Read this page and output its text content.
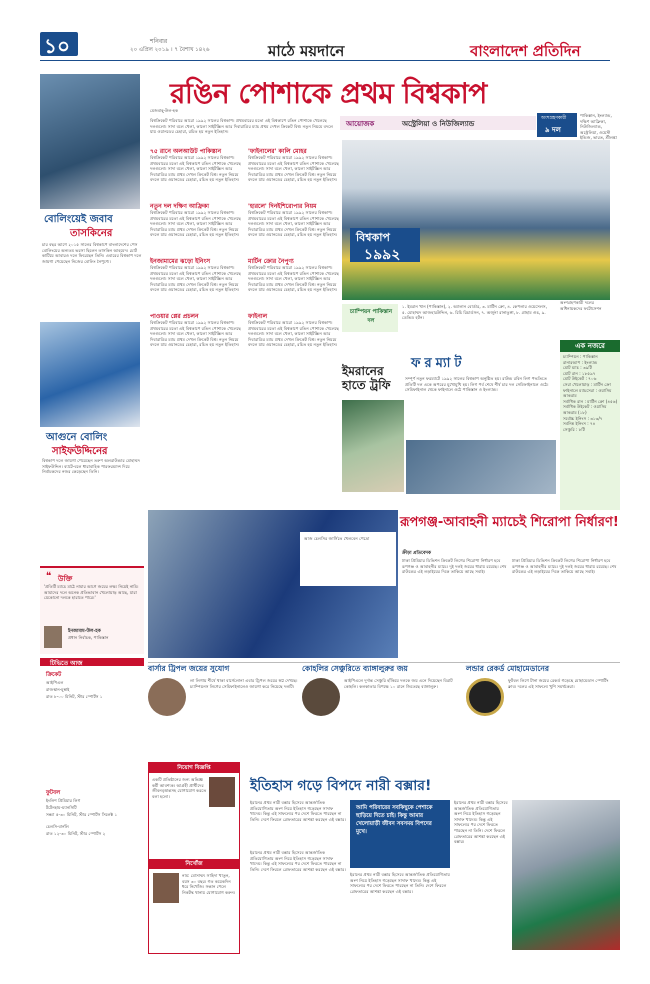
১০	শনিবার
২০ এপ্রিল ২০১৯ । ৭ বৈশাখ ১৪২৬	মাঠে ময়দানে	বাংলাদেশ প্রতিদিন
বোলিংয়েই জবাব
তাসকিনের
চার বছর আগে ২০১৫ সালের বিশ্বকাপে বাংলাদেশের পেস বোলিংয়ের অন্যতম ভরসা ছিলেন তাসকিন আহমেদ। চোট কাটিয়ে আবারও দলে ফিরেছেন তিনি। এবারের বিশ্বকাপ দলে জায়গা পেয়েছেন নিজের বোলিং নৈপুণ্যে।
আগুনে বোলিং
সাইফউদ্দিনের
বিশ্বকাপ দলে জায়গা পেয়েছেন তরুণ অলরাউন্ডার মোহাম্মদ সাইফউদ্দিন। ব্যাটে-বলে ধারাবাহিক পারফরম্যান্স দিয়ে নির্বাচকদের নজর কেড়েছেন তিনি।
❝ উক্তি
'প্রতিটি ম্যাচে মাঠে নামার আগে জয়ের লক্ষ্য নিয়েই নামি। আমাদের দলে অনেক প্রতিভাবান খেলোয়াড় আছে, যারা যেকোনো দলকে হারাতে পারে।'
ইনজামাম-উল-হক
প্রধান নির্বাচক, পাকিস্তান
টিভিতে আজ
ক্রিকেট
আইপিএল
রাজস্থান-মুম্বাই
রাত ৮-০০ মিনিট, স্টার স্পোর্টস ১
ফুটবল
ইংলিশ প্রিমিয়ার লিগ
টটেনহাম-ম্যানসিটি
সন্ধ্যা ৫-৩০ মিনিট, স্টার স্পোর্টস সিলেক্ট ১
চেলসি-বার্নলি
রাত ১২-৩০ মিনিট, স্টার স্পোর্টস ২
রঙিন পোশাকে প্রথম বিশ্বকাপ
মেজবাহ্-উল-হক
আয়োজক	অস্ট্রেলিয়া ও নিউজিল্যান্ড
অংশগ্রহণকারী
৯ দল
পাকিস্তান, ইংল্যান্ড, দক্ষিণ আফ্রিকা, নিউজিল্যান্ড, অস্ট্রেলিয়া, ওয়েস্ট ইন্ডিজ, ভারত, শ্রীলঙ্কা
বিশ্বক্রিকেট পরিবারে আরো ১৯৯২ সালের বিশ্বকাপ। প্রথমবারের মতো এই বিশ্বকাপে রঙিন পোশাকে খেলেছে দলগুলো। সাদা বলে খেলা, কালো সাইটস্ক্রিন আর দিবারাত্রির ম্যাচ প্রথম দেখল ক্রিকেট বিশ্ব। নতুন নিয়মে বদলে যায় ওয়ানডের চেহারা, রচিত হয় নতুন ইতিহাস।
৭৫ রানে অলআউট পাকিস্তান
বিশ্বক্রিকেট পরিবারে আরো ১৯৯২ সালের বিশ্বকাপ। প্রথমবারের মতো এই বিশ্বকাপে রঙিন পোশাকে খেলেছে দলগুলো। সাদা বলে খেলা, কালো সাইটস্ক্রিন আর দিবারাত্রির ম্যাচ প্রথম দেখল ক্রিকেট বিশ্ব। নতুন নিয়মে বদলে যায় ওয়ানডের চেহারা, রচিত হয় নতুন ইতিহাস।
নতুন দল দক্ষিণ আফ্রিকা
বিশ্বক্রিকেট পরিবারে আরো ১৯৯২ সালের বিশ্বকাপ। প্রথমবারের মতো এই বিশ্বকাপে রঙিন পোশাকে খেলেছে দলগুলো। সাদা বলে খেলা, কালো সাইটস্ক্রিন আর দিবারাত্রির ম্যাচ প্রথম দেখল ক্রিকেট বিশ্ব। নতুন নিয়মে বদলে যায় ওয়ানডের চেহারা, রচিত হয় নতুন ইতিহাস।
ইনজামামের ঝড়ো ইনিংস
বিশ্বক্রিকেট পরিবারে আরো ১৯৯২ সালের বিশ্বকাপ। প্রথমবারের মতো এই বিশ্বকাপে রঙিন পোশাকে খেলেছে দলগুলো। সাদা বলে খেলা, কালো সাইটস্ক্রিন আর দিবারাত্রির ম্যাচ প্রথম দেখল ক্রিকেট বিশ্ব। নতুন নিয়মে বদলে যায় ওয়ানডের চেহারা, রচিত হয় নতুন ইতিহাস।
পাওয়ার প্লের প্রচলন
বিশ্বক্রিকেট পরিবারে আরো ১৯৯২ সালের বিশ্বকাপ। প্রথমবারের মতো এই বিশ্বকাপে রঙিন পোশাকে খেলেছে দলগুলো। সাদা বলে খেলা, কালো সাইটস্ক্রিন আর দিবারাত্রির ম্যাচ প্রথম দেখল ক্রিকেট বিশ্ব। নতুন নিয়মে বদলে যায় ওয়ানডের চেহারা, রচিত হয় নতুন ইতিহাস।
'ফাইনালের' কালি মোহর
বিশ্বক্রিকেট পরিবারে আরো ১৯৯২ সালের বিশ্বকাপ। প্রথমবারের মতো এই বিশ্বকাপে রঙিন পোশাকে খেলেছে দলগুলো। সাদা বলে খেলা, কালো সাইটস্ক্রিন আর দিবারাত্রির ম্যাচ প্রথম দেখল ক্রিকেট বিশ্ব। নতুন নিয়মে বদলে যায় ওয়ানডের চেহারা, রচিত হয় নতুন ইতিহাস।
'হারলে' দিনইশিরোপার নিয়ম
বিশ্বক্রিকেট পরিবারে আরো ১৯৯২ সালের বিশ্বকাপ। প্রথমবারের মতো এই বিশ্বকাপে রঙিন পোশাকে খেলেছে দলগুলো। সাদা বলে খেলা, কালো সাইটস্ক্রিন আর দিবারাত্রির ম্যাচ প্রথম দেখল ক্রিকেট বিশ্ব। নতুন নিয়মে বদলে যায় ওয়ানডের চেহারা, রচিত হয় নতুন ইতিহাস।
মার্টিন ক্রোর নৈপুণ্য
বিশ্বক্রিকেট পরিবারে আরো ১৯৯২ সালের বিশ্বকাপ। প্রথমবারের মতো এই বিশ্বকাপে রঙিন পোশাকে খেলেছে দলগুলো। সাদা বলে খেলা, কালো সাইটস্ক্রিন আর দিবারাত্রির ম্যাচ প্রথম দেখল ক্রিকেট বিশ্ব। নতুন নিয়মে বদলে যায় ওয়ানডের চেহারা, রচিত হয় নতুন ইতিহাস।
ফাইনাল
বিশ্বক্রিকেট পরিবারে আরো ১৯৯২ সালের বিশ্বকাপ। প্রথমবারের মতো এই বিশ্বকাপে রঙিন পোশাকে খেলেছে দলগুলো। সাদা বলে খেলা, কালো সাইটস্ক্রিন আর দিবারাত্রির ম্যাচ প্রথম দেখল ক্রিকেট বিশ্ব। নতুন নিয়মে বদলে যায় ওয়ানডের চেহারা, রচিত হয় নতুন ইতিহাস।
বিশ্বকাপ
১৯৯২
অংশগ্রহণকারী দলের অধিনায়কদের ফটোসেশন
চ্যাম্পিয়ন পাকিস্তান দল
১. ইমরান খান (পাকিস্তান), ২. অ্যালান বোর্ডার, ৩. মার্টিন ক্রো, ৪. কেপলার ওয়েসেলস, ৫. মোহাম্মদ আজহারউদ্দিন, ৬. রিচি রিচার্ডসন, ৭. অর্জুনা রানাতুঙ্গা, ৮. গ্রাহাম গুচ, ৯. ডেভিড হটন।
ফরম্যাট
সম্পূর্ণ নতুন ফরম্যাটে ১৯৯২ সালের বিশ্বকাপ অনুষ্ঠিত হয়। রাউন্ড রবিন লিগ পদ্ধতিতে প্রতিটি দল একে অপরের মুখোমুখি হয়। লিগ পর্ব শেষে শীর্ষ চার দল সেমিফাইনালে ওঠে। সেমিফাইনাল থেকে ফাইনালে ওঠে পাকিস্তান ও ইংল্যান্ড।
ইমরানের হাতে ট্রফি
এক নজরে
চ্যাম্পিয়ন : পাকিস্তান
রানারআপ : ইংল্যান্ড
মোট ম্যাচ : ৩৯টি
মোট রান : ১৮৫৯৭
মোট উইকেট : ৭০৬
সেরা খেলোয়াড় : মার্টিন ক্রো
ফাইনালে ম্যাচসেরা : ওয়াসিম আকরাম
সর্বাধিক রান : মার্টিন ক্রো (৪৫৬)
সর্বাধিক উইকেট : ওয়াসিম আকরাম (১৮)
সর্বোচ্চ ইনিংস : ৩১৩/৭
সর্বনিম্ন ইনিংস : ৭৪
সেঞ্চুরি : ৮টি
আজ চেলসির জার্সিতে খেলবেন পেদ্রো
রূপগঞ্জ-আবাহনী ম্যাচেই শিরোপা নির্ধারণ!
ক্রীড়া প্রতিবেদক
ঢাকা প্রিমিয়ার ডিভিশন ক্রিকেট লিগের শিরোপা নির্ধারণ হবে রূপগঞ্জ ও আবাহনীর ম্যাচে। দুই দলই জয়ের ধারায় রয়েছে। শেষ রাউন্ডের এই লড়াইয়ের দিকে তাকিয়ে আছে সবাই।
ঢাকা প্রিমিয়ার ডিভিশন ক্রিকেট লিগের শিরোপা নির্ধারণ হবে রূপগঞ্জ ও আবাহনীর ম্যাচে। দুই দলই জয়ের ধারায় রয়েছে। শেষ রাউন্ডের এই লড়াইয়ের দিকে তাকিয়ে আছে সবাই।
বার্সার ট্রিপল জয়ের সুযোগ
লা লিগায় শীর্ষে থাকা বার্সেলোনা এবার ট্রিপল জয়ের স্বপ্ন দেখছে। চ্যাম্পিয়নস লিগের সেমিফাইনালেও জায়গা করে নিয়েছে দলটি।
কোহলির সেঞ্চুরিতে ব্যাঙ্গালুরুর জয়
আইপিএলে দুর্দান্ত সেঞ্চুরি হাঁকিয়ে দলকে জয় এনে দিয়েছেন বিরাট কোহলি। কলকাতার বিপক্ষে ১০ রানে জিতেছে ব্যাঙ্গালুরু।
লন্ডার রেকর্ড মোহামেডানের
ফুটবল লিগে টানা জয়ের রেকর্ড গড়েছে মোহামেডান স্পোর্টিং ক্লাব। দলের এই সাফল্যে খুশি সমর্থকেরা।
নিয়োগ বিজ্ঞপ্তি
একটি প্রতিষ্ঠানের জন্য অভিজ্ঞ কর্মী আবশ্যক। আগ্রহী প্রার্থীদের জীবনবৃত্তান্তসহ যোগাযোগ করতে বলা হলো।
নিখোঁজ
নাম: মোসাম্মৎ সাহিদা খাতুন, বয়স ৩০ বছর। গত কয়েকদিন ধরে নিখোঁজ। সন্ধান পেলে নিকটস্থ থানায় যোগাযোগ করুন।
ইতিহাস গড়ে বিপদে নারী বক্সার!
ইরানের প্রথম নারী বক্সার হিসেবে আন্তর্জাতিক প্রতিযোগিতায় অংশ নিয়ে ইতিহাস গড়েছেন সাদাফ খাদেম। কিন্তু এই সাফল্যের পর দেশে ফিরতে পারছেন না তিনি। দেশে ফিরলে গ্রেফতারের আশঙ্কা করছেন এই বক্সার।
ইরানের প্রথম নারী বক্সার হিসেবে আন্তর্জাতিক প্রতিযোগিতায় অংশ নিয়ে ইতিহাস গড়েছেন সাদাফ খাদেম। কিন্তু এই সাফল্যের পর দেশে ফিরতে পারছেন না তিনি। দেশে ফিরলে গ্রেফতারের আশঙ্কা করছেন এই বক্সার।
আমি পরিবারের সবকিছুকে পেশাকে ছাড়িয়ে দিতে চাই। কিন্তু আমার খেলোয়াড়ী জীবন সবসময় বিপদের মুখে।
ইরানের প্রথম নারী বক্সার হিসেবে আন্তর্জাতিক প্রতিযোগিতায় অংশ নিয়ে ইতিহাস গড়েছেন সাদাফ খাদেম। কিন্তু এই সাফল্যের পর দেশে ফিরতে পারছেন না তিনি। দেশে ফিরলে গ্রেফতারের আশঙ্কা করছেন এই বক্সার।
ইরানের প্রথম নারী বক্সার হিসেবে আন্তর্জাতিক প্রতিযোগিতায় অংশ নিয়ে ইতিহাস গড়েছেন সাদাফ খাদেম। কিন্তু এই সাফল্যের পর দেশে ফিরতে পারছেন না তিনি। দেশে ফিরলে গ্রেফতারের আশঙ্কা করছেন এই বক্সার।
